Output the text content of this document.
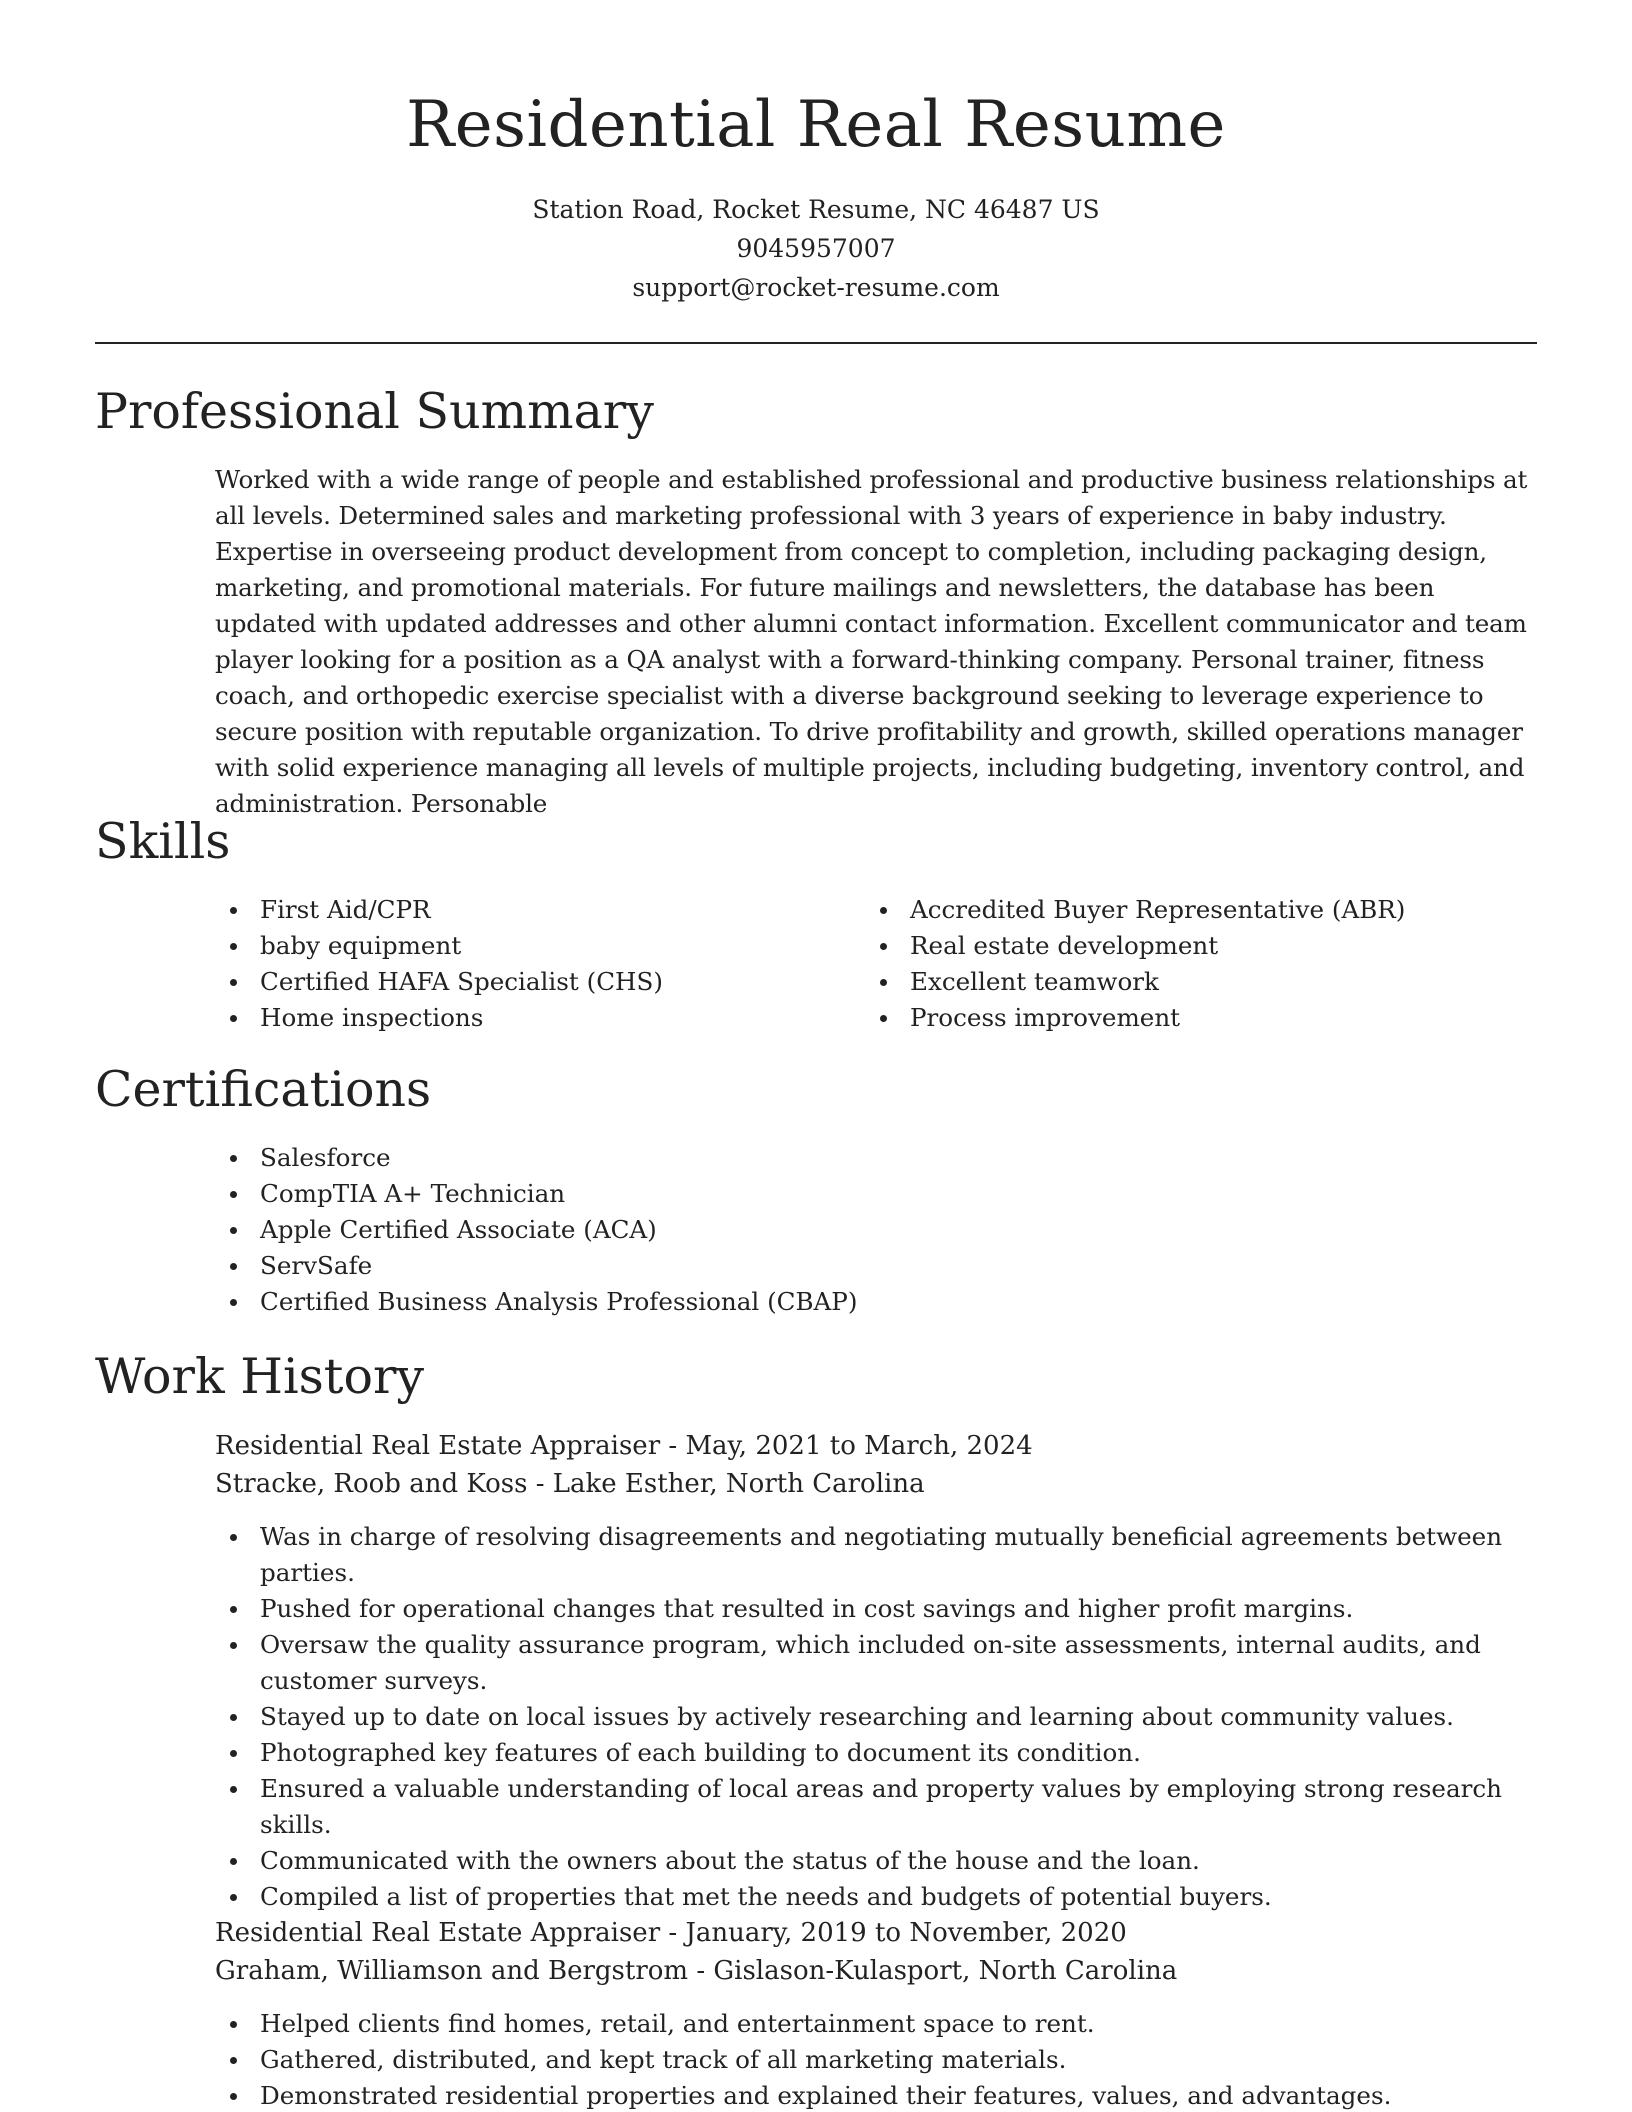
Residential Real Resume
Station Road, Rocket Resume, NC 46487 US
9045957007
support@rocket-resume.com
Professional Summary
Worked with a wide range of people and established professional and productive business relationships at all levels. Determined sales and marketing professional with 3 years of experience in baby industry. Expertise in overseeing product development from concept to completion, including packaging design, marketing, and promotional materials. For future mailings and newsletters, the database has been updated with updated addresses and other alumni contact information. Excellent communicator and team player looking for a position as a QA analyst with a forward-thinking company. Personal trainer, fitness coach, and orthopedic exercise specialist with a diverse background seeking to leverage experience to secure position with reputable organization. To drive profitability and growth, skilled operations manager with solid experience managing all levels of multiple projects, including budgeting, inventory control, and administration. Personable
Skills
First Aid/CPR
baby equipment
Certified HAFA Specialist (CHS)
Home inspections
Accredited Buyer Representative (ABR)
Real estate development
Excellent teamwork
Process improvement
Certifications
Salesforce
CompTIA A+ Technician
Apple Certified Associate (ACA)
ServSafe
Certified Business Analysis Professional (CBAP)
Work History
Residential Real Estate Appraiser - May, 2021 to March, 2024
Stracke, Roob and Koss - Lake Esther, North Carolina
Was in charge of resolving disagreements and negotiating mutually beneficial agreements between parties.
Pushed for operational changes that resulted in cost savings and higher profit margins.
Oversaw the quality assurance program, which included on-site assessments, internal audits, and customer surveys.
Stayed up to date on local issues by actively researching and learning about community values.
Photographed key features of each building to document its condition.
Ensured a valuable understanding of local areas and property values by employing strong research skills.
Communicated with the owners about the status of the house and the loan.
Compiled a list of properties that met the needs and budgets of potential buyers.
Residential Real Estate Appraiser - January, 2019 to November, 2020
Graham, Williamson and Bergstrom - Gislason-Kulasport, North Carolina
Helped clients find homes, retail, and entertainment space to rent.
Gathered, distributed, and kept track of all marketing materials.
Demonstrated residential properties and explained their features, values, and advantages.
